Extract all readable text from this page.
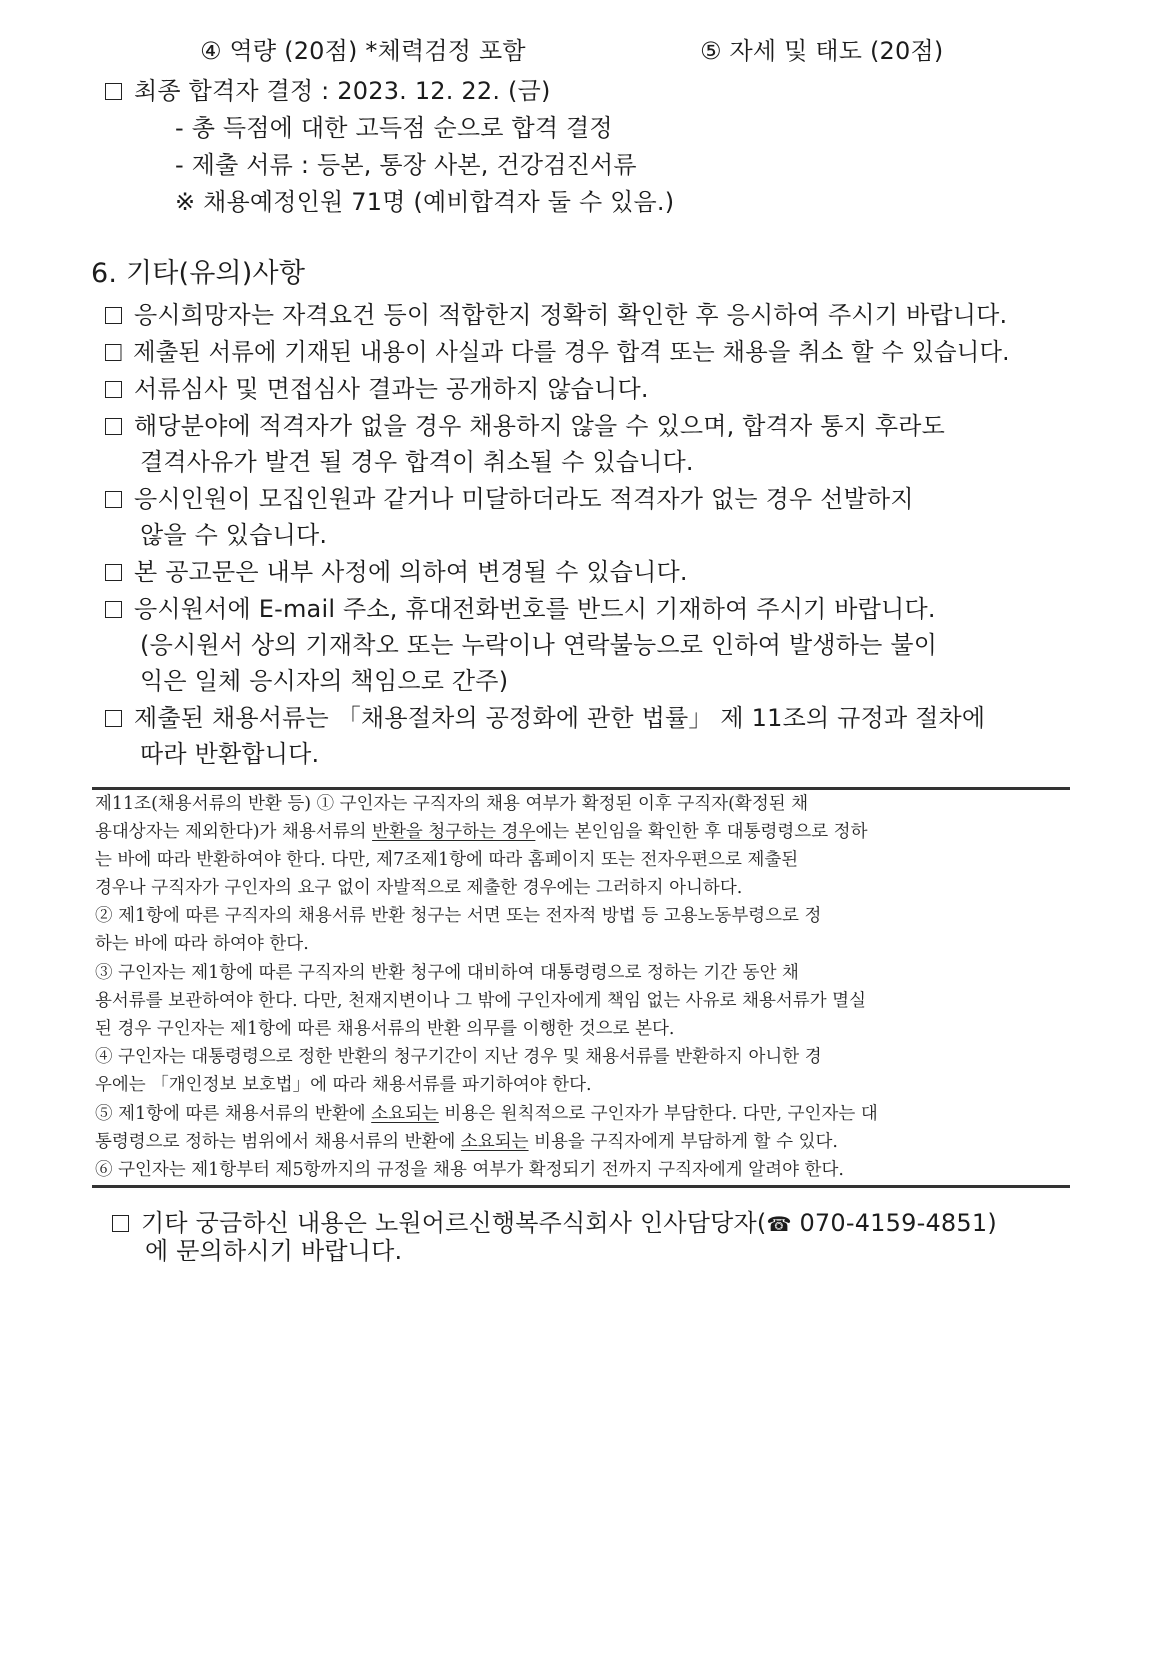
④ 역량 (20점) *체력검정 포함	⑤ 자세 및 태도 (20점)
최종 합격자 결정 : 2023. 12. 22. (금)
- 총 득점에 대한 고득점 순으로 합격 결정
- 제출 서류 : 등본, 통장 사본, 건강검진서류
※ 채용예정인원 71명 (예비합격자 둘 수 있음.)
6. 기타(유의)사항
응시희망자는 자격요건 등이 적합한지 정확히 확인한 후 응시하여 주시기 바랍니다.
제출된 서류에 기재된 내용이 사실과 다를 경우 합격 또는 채용을 취소 할 수 있습니다.
서류심사 및 면접심사 결과는 공개하지 않습니다.
해당분야에 적격자가 없을 경우 채용하지 않을 수 있으며, 합격자 통지 후라도
결격사유가 발견 될 경우 합격이 취소될 수 있습니다.
응시인원이 모집인원과 같거나 미달하더라도 적격자가 없는 경우 선발하지
않을 수 있습니다.
본 공고문은 내부 사정에 의하여 변경될 수 있습니다.
응시원서에 E-mail 주소, 휴대전화번호를 반드시 기재하여 주시기 바랍니다.
(응시원서 상의 기재착오 또는 누락이나 연락불능으로 인하여 발생하는 불이
익은 일체 응시자의 책임으로 간주)
제출된 채용서류는 「채용절차의 공정화에 관한 법률」 제 11조의 규정과 절차에
따라 반환합니다.
제11조(채용서류의 반환 등) ① 구인자는 구직자의 채용 여부가 확정된 이후 구직자(확정된 채
용대상자는 제외한다)가 채용서류의 반환을 청구하는 경우에는 본인임을 확인한 후 대통령령으로 정하
는 바에 따라 반환하여야 한다. 다만, 제7조제1항에 따라 홈페이지 또는 전자우편으로 제출된
경우나 구직자가 구인자의 요구 없이 자발적으로 제출한 경우에는 그러하지 아니하다.
② 제1항에 따른 구직자의 채용서류 반환 청구는 서면 또는 전자적 방법 등 고용노동부령으로 정
하는 바에 따라 하여야 한다.
③ 구인자는 제1항에 따른 구직자의 반환 청구에 대비하여 대통령령으로 정하는 기간 동안 채
용서류를 보관하여야 한다. 다만, 천재지변이나 그 밖에 구인자에게 책임 없는 사유로 채용서류가 멸실
된 경우 구인자는 제1항에 따른 채용서류의 반환 의무를 이행한 것으로 본다.
④ 구인자는 대통령령으로 정한 반환의 청구기간이 지난 경우 및 채용서류를 반환하지 아니한 경
우에는 「개인정보 보호법」에 따라 채용서류를 파기하여야 한다.
⑤ 제1항에 따른 채용서류의 반환에 소요되는 비용은 원칙적으로 구인자가 부담한다. 다만, 구인자는 대
통령령으로 정하는 범위에서 채용서류의 반환에 소요되는 비용을 구직자에게 부담하게 할 수 있다.
⑥ 구인자는 제1항부터 제5항까지의 규정을 채용 여부가 확정되기 전까지 구직자에게 알려야 한다.
기타 궁금하신 내용은 노원어르신행복주식회사 인사담당자(☎ 070-4159-4851)
에 문의하시기 바랍니다.
